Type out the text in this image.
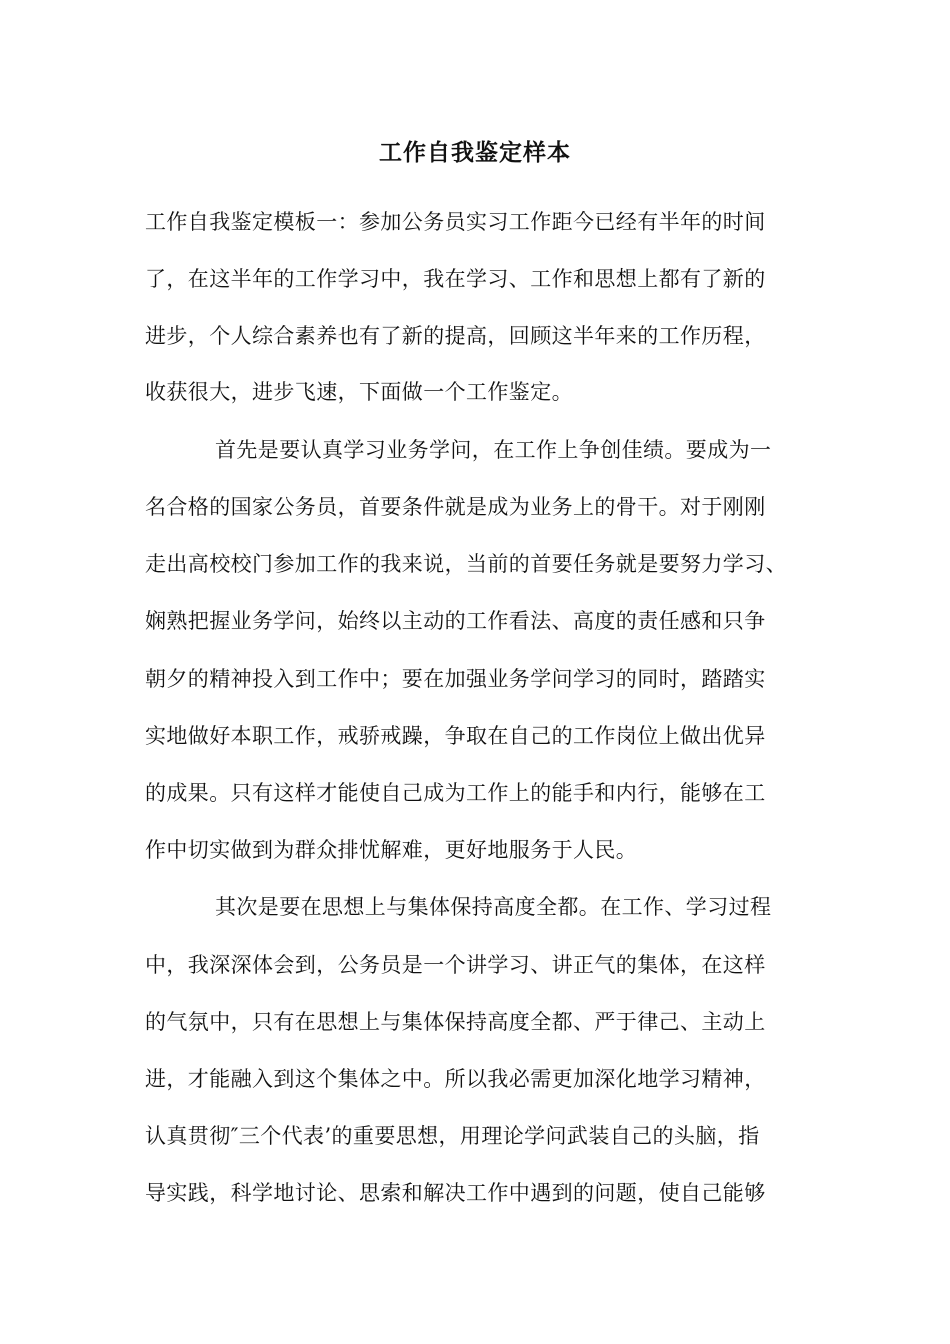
工作自我鉴定样本
工作自我鉴定模板一：参加公务员实习工作距今已经有半年的时间
了，在这半年的工作学习中，我在学习、工作和思想上都有了新的
进步，个人综合素养也有了新的提高，回顾这半年来的工作历程，
收获很大，进步飞速，下面做一个工作鉴定。
首先是要认真学习业务学问，在工作上争创佳绩。要成为一
名合格的国家公务员，首要条件就是成为业务上的骨干。对于刚刚
走出高校校门参加工作的我来说，当前的首要任务就是要努力学习、
娴熟把握业务学问，始终以主动的工作看法、高度的责任感和只争
朝夕的精神投入到工作中；要在加强业务学问学习的同时，踏踏实
实地做好本职工作，戒骄戒躁，争取在自己的工作岗位上做出优异
的成果。只有这样才能使自己成为工作上的能手和内行，能够在工
作中切实做到为群众排忧解难，更好地服务于人民。
其次是要在思想上与集体保持高度全都。在工作、学习过程
中，我深深体会到，公务员是一个讲学习、讲正气的集体，在这样
的气氛中，只有在思想上与集体保持高度全都、严于律己、主动上
进，才能融入到这个集体之中。所以我必需更加深化地学习精神，
认真贯彻″三个代表’的重要思想，用理论学问武装自己的头脑，指
导实践，科学地讨论、思索和解决工作中遇到的问题，使自己能够
